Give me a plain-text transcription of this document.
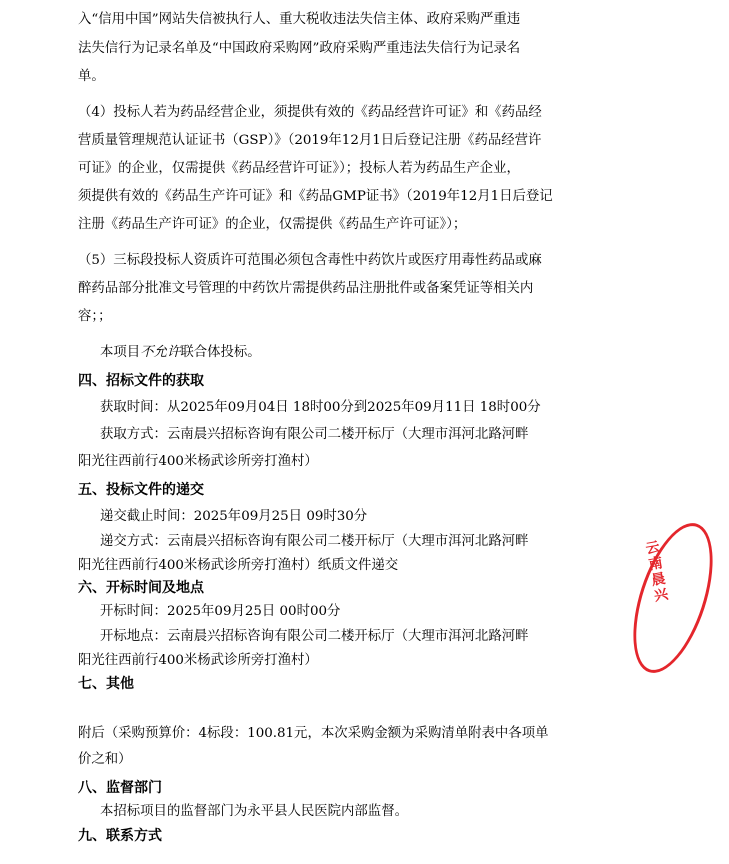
入“信用中国”网站失信被执行人、重大税收违法失信主体、政府采购严重违
法失信行为记录名单及“中国政府采购网”政府采购严重违法失信行为记录名
单。
（4）投标人若为药品经营企业，须提供有效的《药品经营许可证》和《药品经
营质量管理规范认证证书（GSP）》（2019年12月1日后登记注册《药品经营许
可证》的企业，仅需提供《药品经营许可证》）；投标人若为药品生产企业，
须提供有效的《药品生产许可证》和《药品GMP证书》（2019年12月1日后登记
注册《药品生产许可证》的企业，仅需提供《药品生产许可证》）；
（5）三标段投标人资质许可范围必须包含毒性中药饮片或医疗用毒性药品或麻
醉药品部分批准文号管理的中药饮片需提供药品注册批件或备案凭证等相关内
容；；
本项目不允许联合体投标。
四、招标文件的获取
获取时间：从2025年09月04日 18时00分到2025年09月11日 18时00分
获取方式：云南晨兴招标咨询有限公司二楼开标厅（大理市洱河北路河畔
阳光往西前行400米杨武诊所旁打渔村）
五、投标文件的递交
递交截止时间：2025年09月25日 09时30分
递交方式：云南晨兴招标咨询有限公司二楼开标厅（大理市洱河北路河畔
阳光往西前行400米杨武诊所旁打渔村）纸质文件递交
六、开标时间及地点
开标时间：2025年09月25日 00时00分
开标地点：云南晨兴招标咨询有限公司二楼开标厅（大理市洱河北路河畔
阳光往西前行400米杨武诊所旁打渔村）
七、其他
附后（采购预算价：4标段：100.81元，本次采购金额为采购清单附表中各项单
价之和）
八、监督部门
本招标项目的监督部门为永平县人民医院内部监督。
九、联系方式
云南晨兴
